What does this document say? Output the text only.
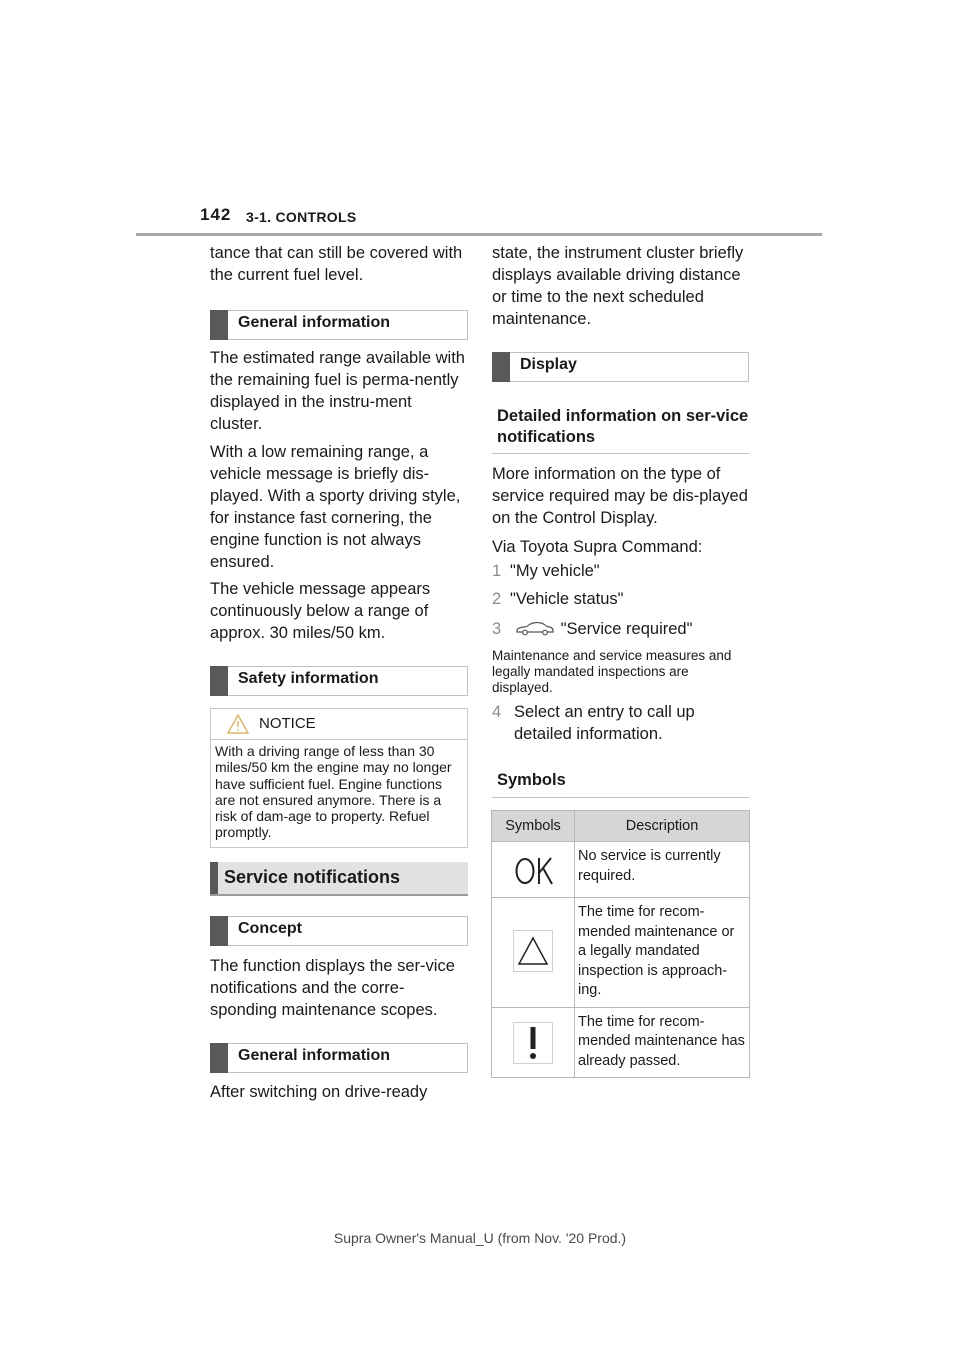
142 3-1. CONTROLS

tance that can still be covered with the current fuel level.

General information

The estimated range available with the remaining fuel is perma-nently displayed in the instru-ment cluster.

With a low remaining range, a vehicle message is briefly dis-played. With a sporty driving style, for instance fast cornering, the engine function is not always ensured.

The vehicle message appears continuously below a range of approx. 30 miles/50 km.

Safety information
NOTICE
With a driving range of less than 30 miles/50 km the engine may no longer have sufficient fuel. Engine functions are not ensured anymore. There is a risk of dam-age to property. Refuel promptly.
Service notifications
Concept

The function displays the ser-vice notifications and the corre-sponding maintenance scopes.

General information

After switching on drive-ready

state, the instrument cluster briefly displays available driving distance or time to the next scheduled maintenance.

Display
Detailed information on ser-vice notifications

More information on the type of service required may be dis-played on the Control Display.

Via Toyota Supra Command:

1 "My vehicle"
2 "Vehicle status"
3	"Service required"
Maintenance and service measures and legally mandated inspections are displayed.
4 Select an entry to call up detailed information.
Symbols
Symbols	Description

	No service is currently required.

	The time for recom-mended maintenance or a legally mandated inspection is approach-ing.

	The time for recom-mended maintenance has already passed.
Supra Owner's Manual_U (from Nov. '20 Prod.)
